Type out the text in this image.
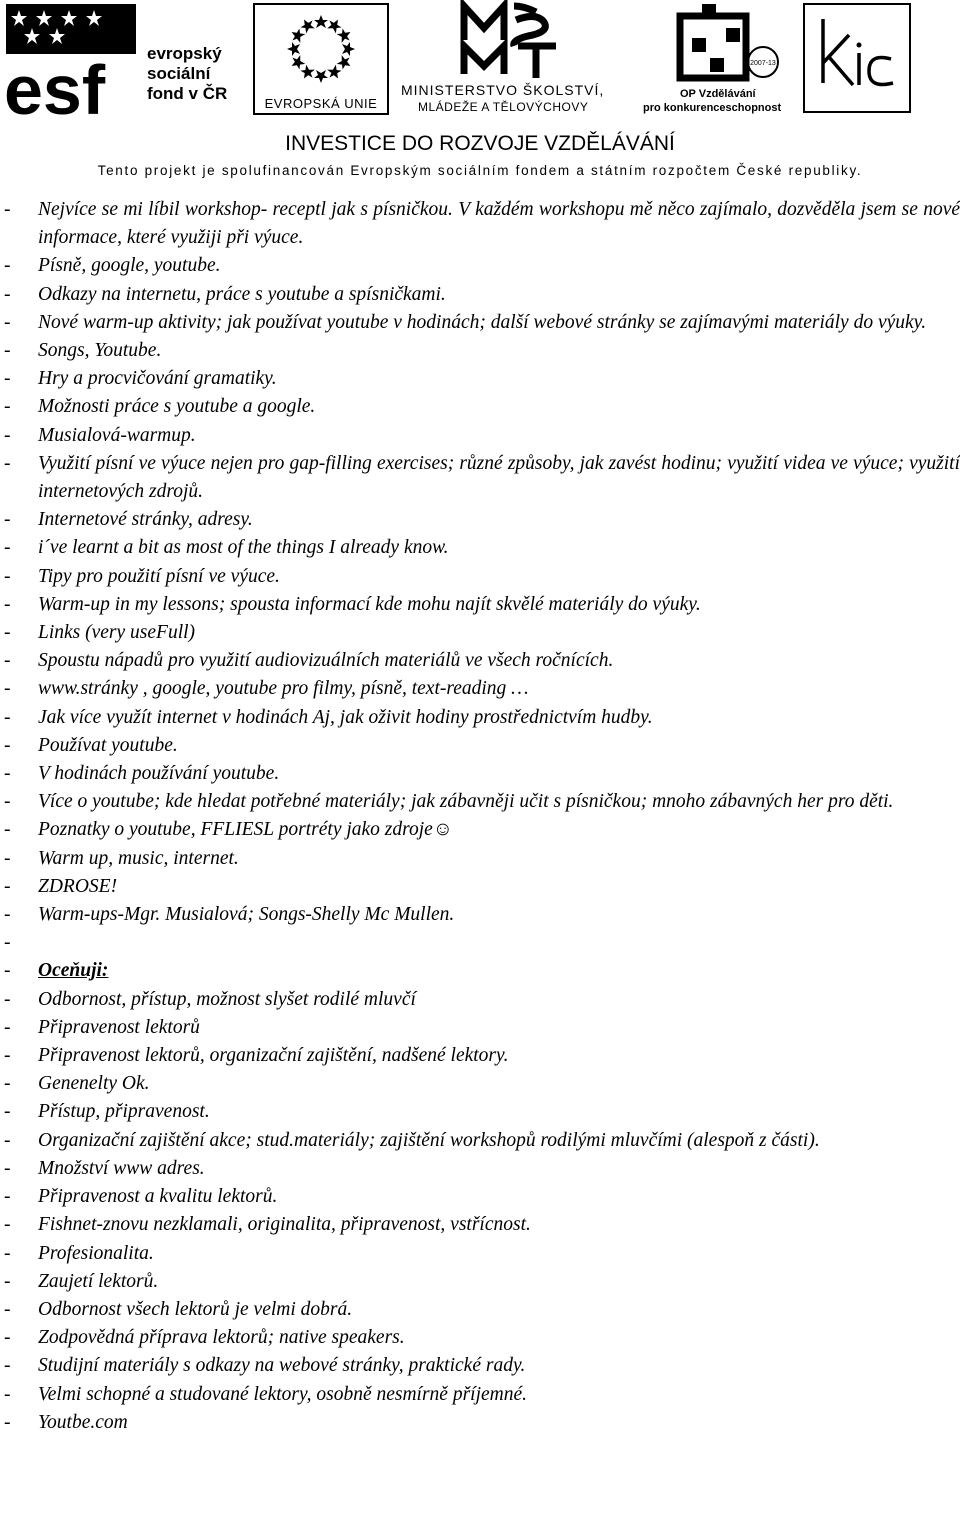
esf evropský
sociální
fond v ČR
EVROPSKÁ UNIE
MINISTERSTVO ŠKOLSTVÍ,
MLÁDEŽE A TĚLOVÝCHOVY
2007-13
OP Vzdělávání
pro konkurenceschopnost
INVESTICE DO ROZVOJE VZDĚLÁVÁNÍ
Tento projekt je spolufinancován Evropským sociálním fondem a státním rozpočtem České republiky.
- Nejvíce se mi líbil workshop- receptl jak s písničkou. V každém workshopu mě něco zajímalo, dozvěděla jsem se nové informace, které využiji při výuce.
- Písně, google, youtube.
- Odkazy na internetu, práce s youtube a spísničkami.
- Nové warm-up aktivity; jak používat youtube v hodinách; další webové stránky se zajímavými materiály do výuky.
- Songs, Youtube.
- Hry a procvičování gramatiky.
- Možnosti práce s youtube a google.
- Musialová-warmup.
- Využití písní ve výuce nejen pro gap-filling exercises; různé způsoby, jak zavést hodinu; využití videa ve výuce; využití internetových zdrojů.
- Internetové stránky, adresy.
- i´ve learnt a bit as most of the things I already know.
- Tipy pro použití písní ve výuce.
- Warm-up in my lessons; spousta informací kde mohu najít skvělé materiály do výuky.
- Links (very useFull)
- Spoustu nápadů pro využití audiovizuálních materiálů ve všech ročnících.
- www.stránky , google, youtube pro filmy, písně, text-reading …
- Jak více využít internet v hodinách Aj, jak oživit hodiny prostřednictvím hudby.
- Používat youtube.
- V hodinách používání youtube.
- Více o youtube; kde hledat potřebné materiály; jak zábavněji učit s písničkou; mnoho zábavných her pro děti.
- Poznatky o youtube, FFLIESL portréty jako zdroje☺
- Warm up, music, internet.
- ZDROSE!
- Warm-ups-Mgr. Musialová; Songs-Shelly Mc Mullen.
-
- Oceňuji:
- Odbornost, přístup, možnost slyšet rodilé mluvčí
- Připravenost lektorů
- Připravenost lektorů, organizační zajištění, nadšené lektory.
- Genenelty Ok.
- Přístup, připravenost.
- Organizační zajištění akce; stud.materiály; zajištění workshopů rodilými mluvčími (alespoň z části).
- Množství www adres.
- Připravenost a kvalitu lektorů.
- Fishnet-znovu nezklamali, originalita, připravenost, vstřícnost.
- Profesionalita.
- Zaujetí lektorů.
- Odbornost všech lektorů je velmi dobrá.
- Zodpovědná příprava lektorů; native speakers.
- Studijní materiály s odkazy na webové stránky, praktické rady.
- Velmi schopné a studované lektory, osobně nesmírně příjemné.
- Youtbe.com
